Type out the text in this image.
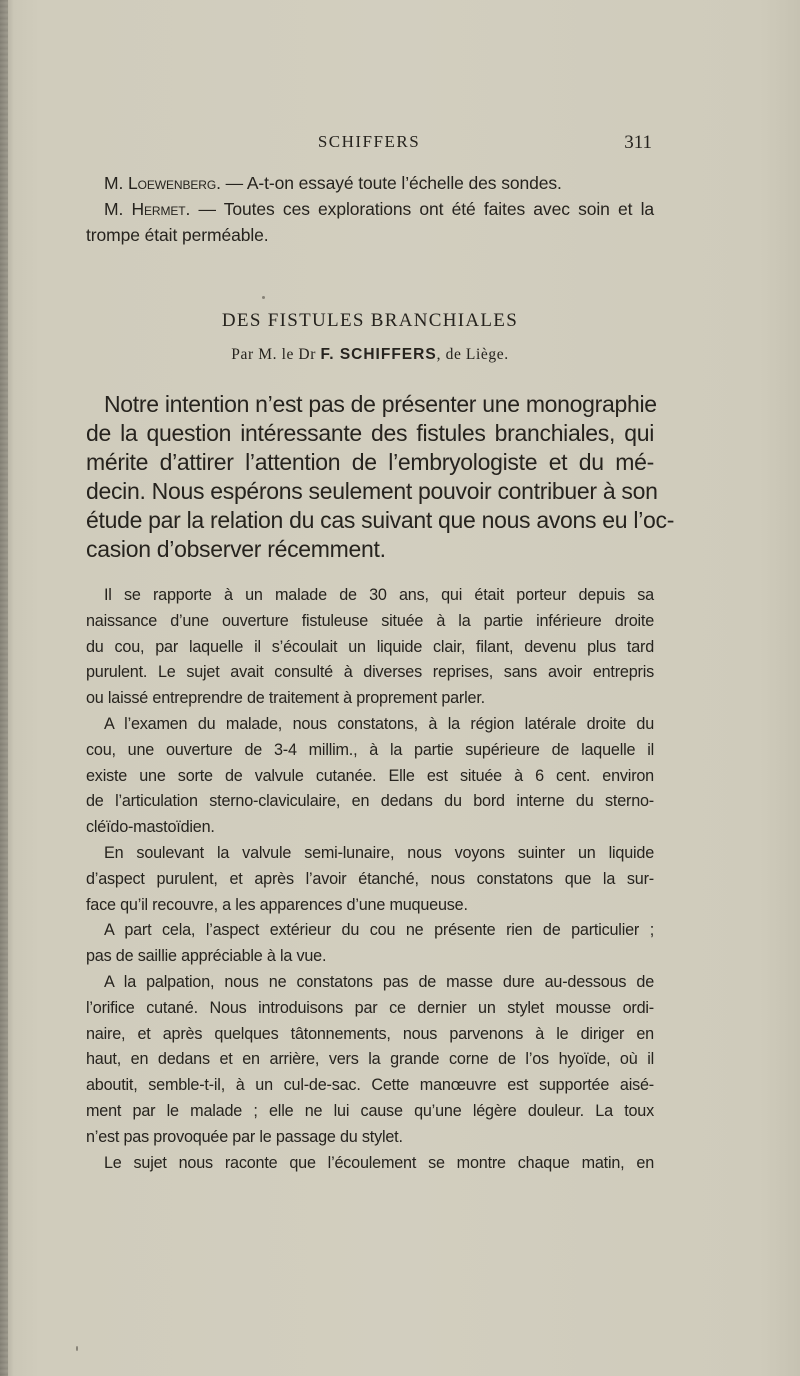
SCHIFFERS	311

M. Loewenberg. — A-t-on essayé toute l’échelle des sondes.

M. Hermet. — Toutes ces explorations ont été faites avec soin et la

trompe était perméable.

DES FISTULES BRANCHIALES
Par M. le Dr F. SCHIFFERS, de Liège.

Notre intention n’est pas de présenter une monographie

de la question intéressante des fistules branchiales, qui

mérite d’attirer l’attention de l’embryologiste et du mé-

decin. Nous espérons seulement pouvoir contribuer à son

étude par la relation du cas suivant que nous avons eu l’oc-

casion d’observer récemment.

Il se rapporte à un malade de 30 ans, qui était porteur depuis sa

naissance d’une ouverture fistuleuse située à la partie inférieure droite

du cou, par laquelle il s’écoulait un liquide clair, filant, devenu plus tard

purulent. Le sujet avait consulté à diverses reprises, sans avoir entrepris

ou laissé entreprendre de traitement à proprement parler.

A l’examen du malade, nous constatons, à la région latérale droite du

cou, une ouverture de 3-4 millim., à la partie supérieure de laquelle il

existe une sorte de valvule cutanée. Elle est située à 6 cent. environ

de l’articulation sterno-claviculaire, en dedans du bord interne du sterno-

cléïdo-mastoïdien.

En soulevant la valvule semi-lunaire, nous voyons suinter un liquide

d’aspect purulent, et après l’avoir étanché, nous constatons que la sur-

face qu’il recouvre, a les apparences d’une muqueuse.

A part cela, l’aspect extérieur du cou ne présente rien de particulier ;

pas de saillie appréciable à la vue.

A la palpation, nous ne constatons pas de masse dure au-dessous de

l’orifice cutané. Nous introduisons par ce dernier un stylet mousse ordi-

naire, et après quelques tâtonnements, nous parvenons à le diriger en

haut, en dedans et en arrière, vers la grande corne de l’os hyoïde, où il

aboutit, semble-t-il, à un cul-de-sac. Cette manœuvre est supportée aisé-

ment par le malade ; elle ne lui cause qu’une légère douleur. La toux

n’est pas provoquée par le passage du stylet.

Le sujet nous raconte que l’écoulement se montre chaque matin, en
